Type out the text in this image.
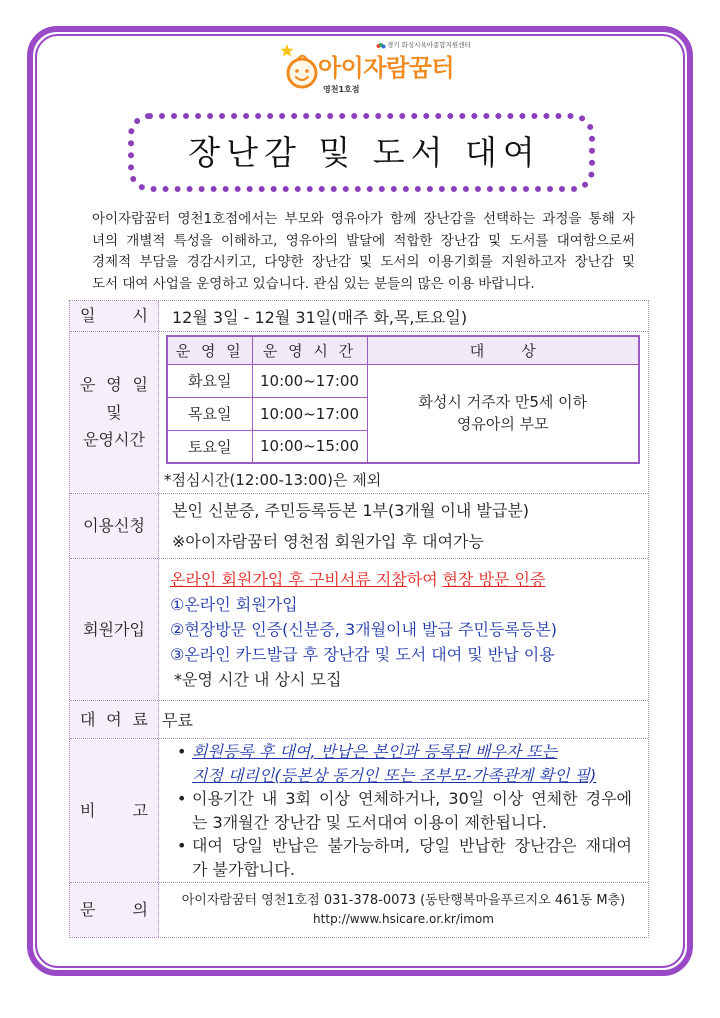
경기 화성시육아종합지원센터
아이자람꿈터
영천1호점
장난감 및 도서 대여
아이자람꿈터 영천1호점에서는 부모와 영유아가 함께 장난감을 선택하는 과정을 통해 자
녀의 개별적 특성을 이해하고, 영유아의 발달에 적합한 장난감 및 도서를 대여함으로써
경제적 부담을 경감시키고, 다양한 장난감 및 도서의 이용기회를 지원하고자 장난감 및
도서 대여 사업을 운영하고 있습니다. 관심 있는 분들의 많은 이용 바랍니다.
일 시 12월 3일 - 12월 31일(매주 화,목,토요일)
운 영 일
및
운영시간
운 영 일	운 영 시 간	대 상
화요일	10:00~17:00	화성시 거주자 만5세 이하
영유아의 부모

목요일	10:00~17:00	
토요일	10:00~15:00	
*점심시간(12:00-13:00)은 제외
이용신청
본인 신분증, 주민등록등본 1부(3개월 이내 발급분)
※아이자람꿈터 영천점 회원가입 후 대여가능
회원가입
온라인 회원가입 후 구비서류 지참하여 현장 방문 인증
①온라인 회원가입
②현장방문 인증(신분증, 3개월이내 발급 주민등록등본)
③온라인 카드발급 후 장난감 및 도서 대여 및 반납 이용
*운영 시간 내 상시 모집
대 여 료 무료
비 고
• 회원등록 후 대여, 반납은 본인과 등록된 배우자 또는
지정 대리인(등본상 동거인 또는 조부모-가족관계 확인 필)
• 이용기간 내 3회 이상 연체하거나, 30일 이상 연체한 경우에
는 3개월간 장난감 및 도서대여 이용이 제한됩니다.
• 대여 당일 반납은 불가능하며, 당일 반납한 장난감은 재대여
가 불가합니다.
문 의	아이자람꿈터 영천1호점 031-378-0073 (동탄행복마을푸르지오 461동 M층)
http://www.hsicare.or.kr/imom
